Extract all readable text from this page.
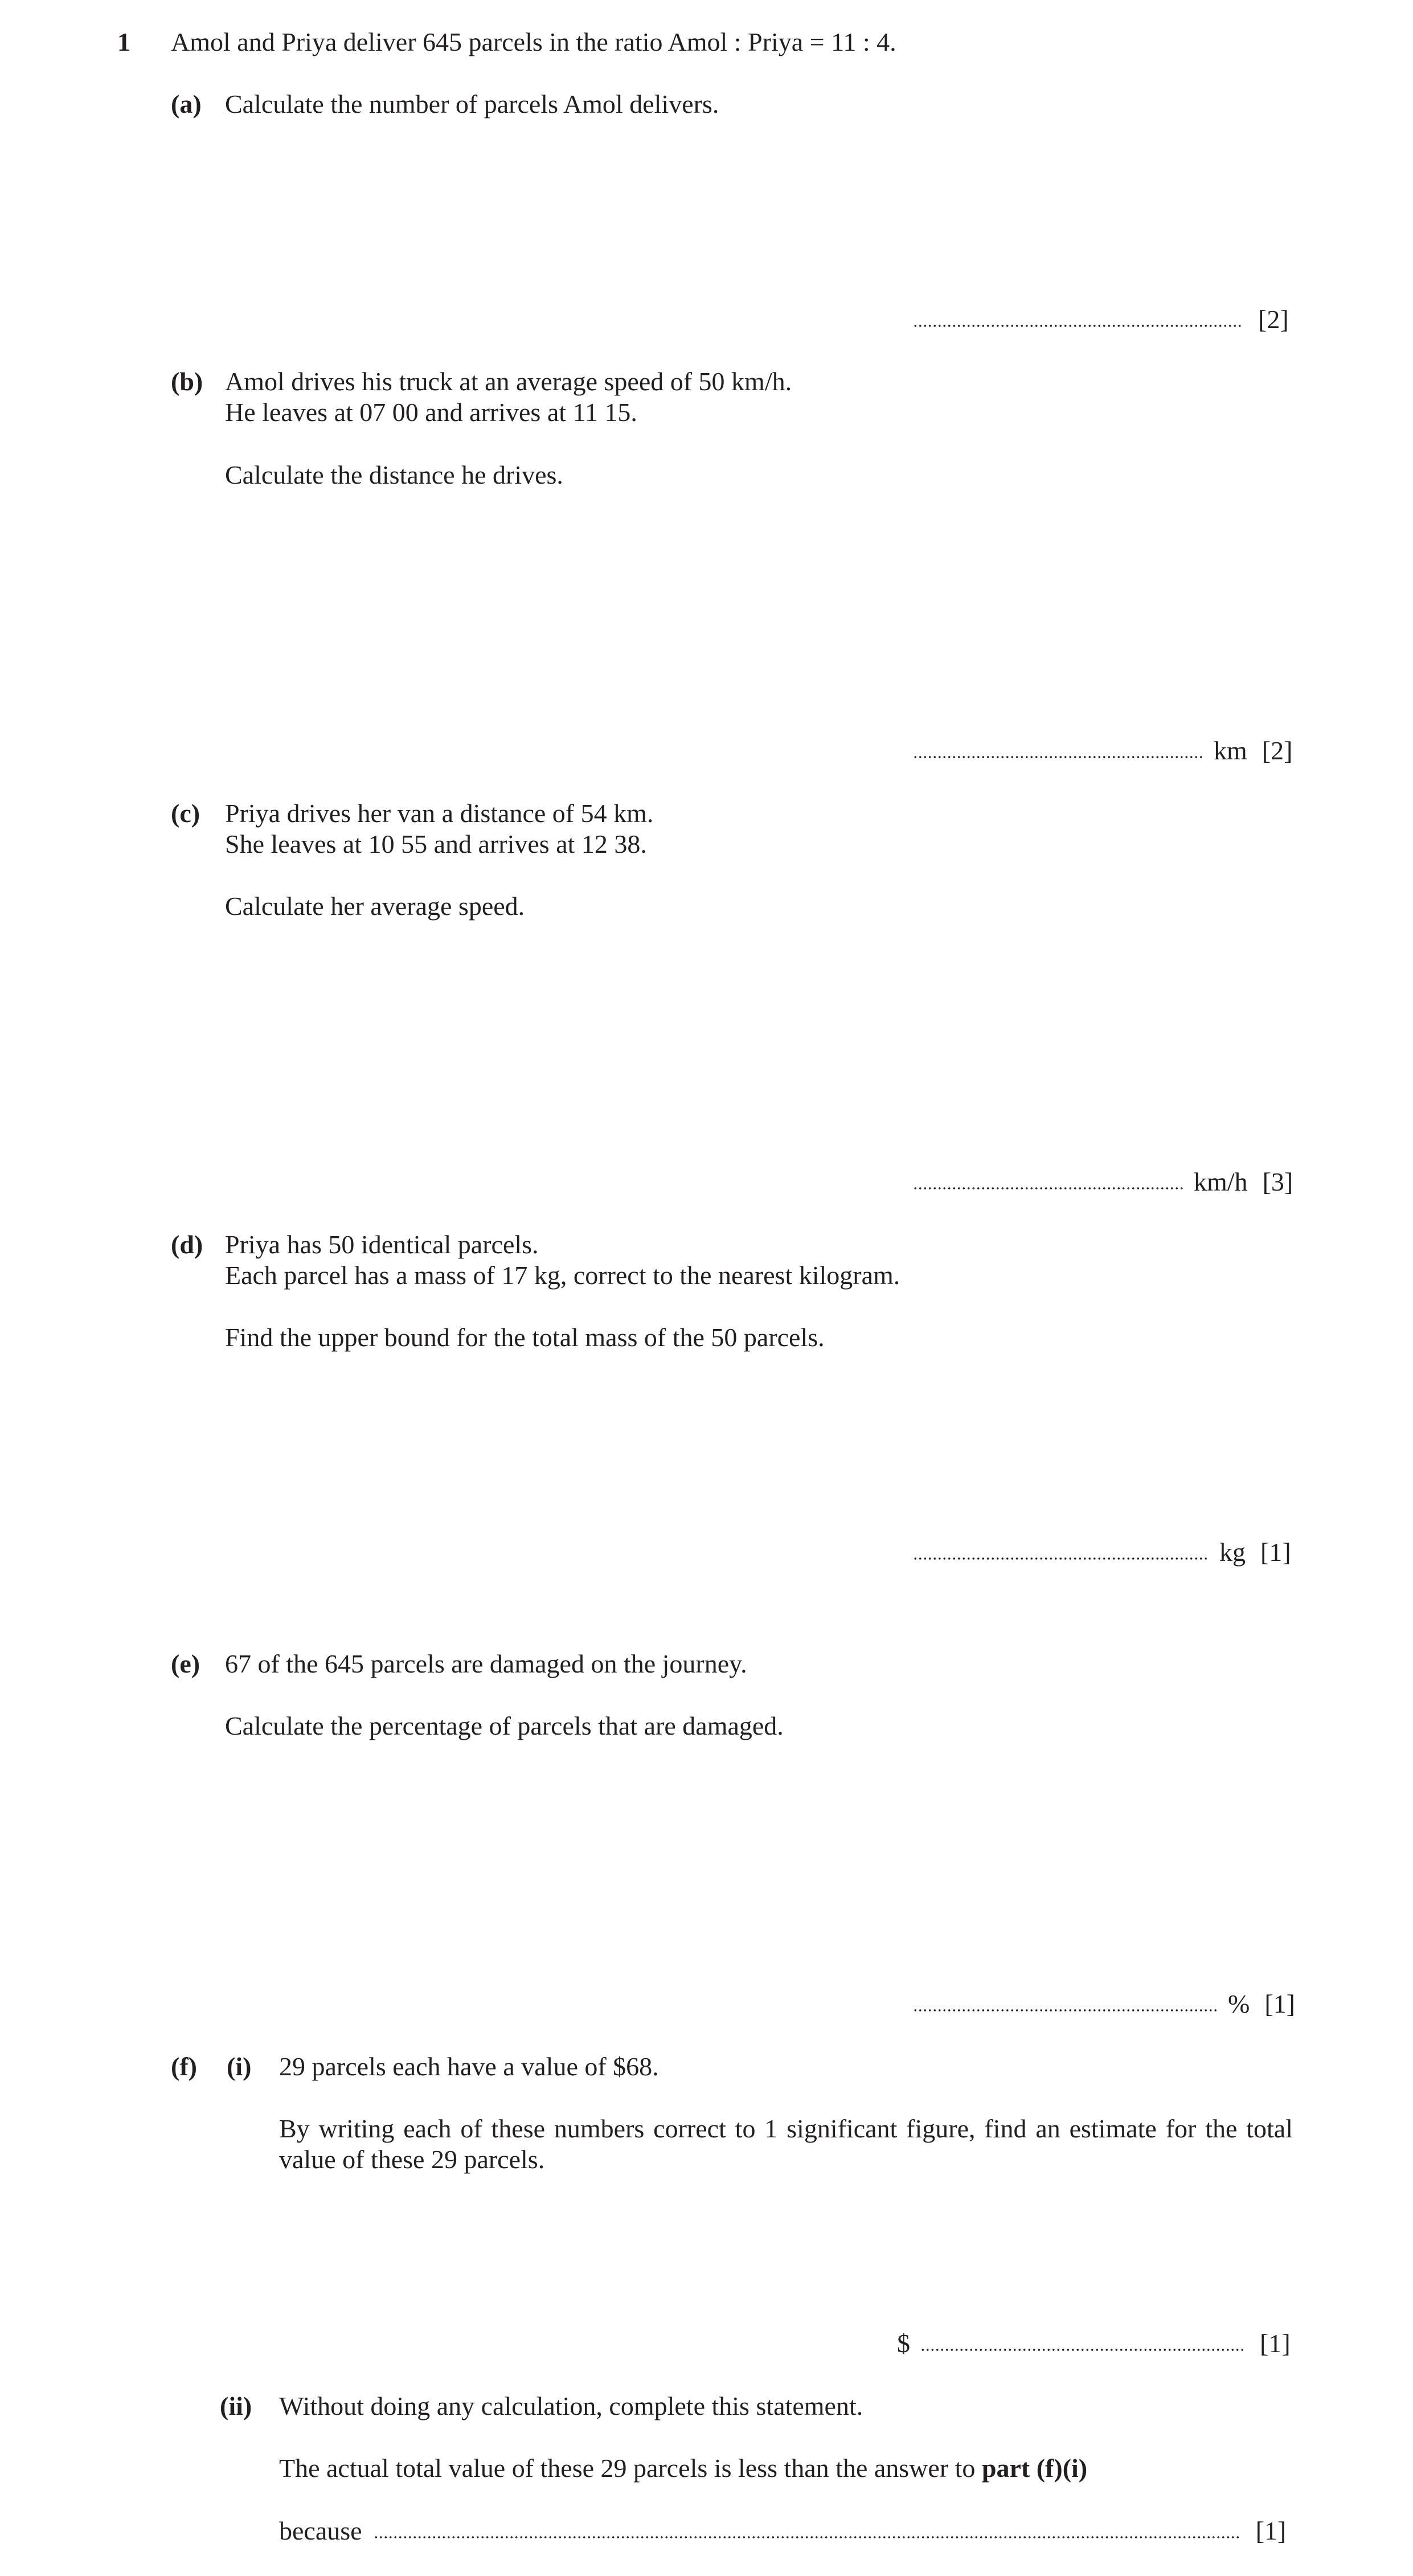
1 Amol and Priya deliver 645 parcels in the ratio Amol : Priya = 11 : 4.
(a) Calculate the number of parcels Amol delivers.
[2]
(b) Amol drives his truck at an average speed of 50 km/h.
He leaves at 07 00 and arrives at 11 15.
Calculate the distance he drives.
km [2]
(c) Priya drives her van a distance of 54 km.
She leaves at 10 55 and arrives at 12 38.
Calculate her average speed.
km/h [3]
(d) Priya has 50 identical parcels.
Each parcel has a mass of 17 kg, correct to the nearest kilogram.
Find the upper bound for the total mass of the 50 parcels.
kg [1]
(e) 67 of the 645 parcels are damaged on the journey.
Calculate the percentage of parcels that are damaged.
% [1]
(f) (i) 29 parcels each have a value of $68.
By writing each of these numbers correct to 1 significant figure, find an estimate for the total value of these 29 parcels.
$	[1]
(ii) Without doing any calculation, complete this statement.
The actual total value of these 29 parcels is less than the answer to part (f)(i)
because	[1]
